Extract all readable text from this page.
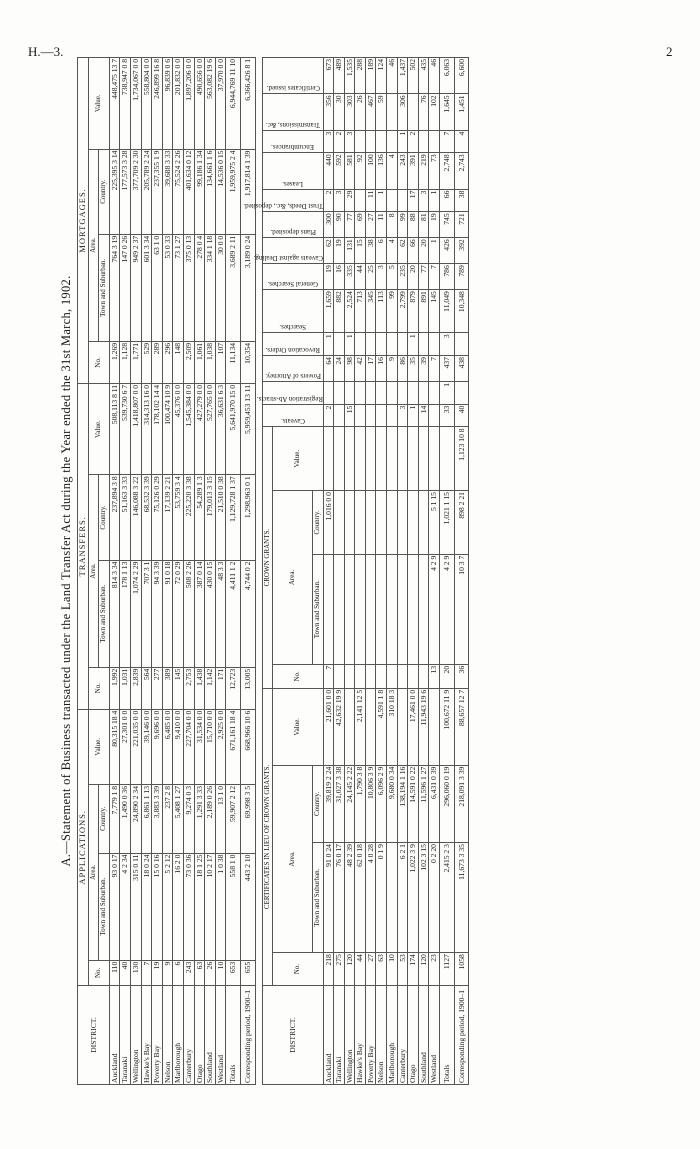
H.—3.	2
A.—Statement of Business transacted under the Land Transfer Act during the Year ended the 31st March, 1902.
DISTRICT.	APPLICATIONS.				TRANSFERS.				MORTGAGES.			
	No.	Area.		Value.	No.	Area.		Value.	No.	Area.		Value.
		Town and Suburban.	Country.			Town and Suburban.	Country.			Town and Suburban.	Country.	
Auckland	110	93 0 17	7,779 1 8	80,315 18 4	1,992	814 3 34	237,894 3 8	508,113 8 11	1,269	764 3 19	225,395 3 14	448,475 13 7
Taranaki	40	4 2 34	1,490 0 36	27,301 0 0	1,031	178 1 13	51,163 3 33	539,730 6 7	1,128	147 0 26	177,573 3 28	738,947 0 8
Wellington	130	315 0 11	24,890 2 34	221,035 0 0	2,839	1,074 2 29	146,088 3 22	1,418,807 0 0	1,771	949 2 37	377,709 2 30	1,734,067 0 0
Hawke's Bay	7	18 0 24	6,861 1 13	39,146 0 0	564	707 3 1	68,532 3 39	314,313 16 0	529	601 3 34	205,789 2 24	558,804 0 0
Poverty Bay	19	15 0 16	3,883 3 39	9,696 0 0	277	94 3 39	75,126 0 29	178,102 14 4	289	63 1 0	237,355 1 9	246,899 16 8
Nelson	9	5 2 12	237 2 8	6,485 0 0	389	91 0 18	17,139 2 21	100,474 10 9	296	53 0 33	39,688 3 33	96,839 0 6
Marlborough	6	16 2 0	5,408 1 27	9,410 0 0	145	72 0 29	53,759 3 4	45,376 0 0	148	73 1 27	75,524 2 26	201,832 0 0
Canterbury	243	73 0 36	9,274 0 3	227,704 0 0	2,753	508 2 26	225,220 3 38	1,545,384 0 0	2,509	375 0 13	401,634 0 12	1,897,206 0 0
Otago	63	18 1 25	1,291 3 33	31,534 0 0	1,438	387 0 14	54,289 1 3	427,279 0 0	1,061	278 0 4	99,186 1 34	490,656 0 0
Southland	26	10 2 17	2,189 0 26	15,710 0 0	1,142	430 0 15	179,013 3 15	527,765 0 0	1,038	334 1 18	134,661 1 6	563,082 19 6
Westland	10	1 0 38	13 1 0	2,925 0 0	171	48 3 3	21,510 0 38	36,631 6 3	107	30 0 0	14,536 0 15	37,970 0 0
Totals	653	558 1 0	59,907 2 12	671,161 18 4	12,723	4,411 1 2	1,129,728 1 37	5,641,970 15 0	11,134	3,689 2 11	1,959,975 2 4	6,944,769 11 10
Corresponding period, 1900–1	655	443 2 10	69,998 3 5	668,966 10 6	13,005	4,744 0 2	1,298,963 0 1	5,959,453 13 11	10,354	3,189 0 24	1,917,814 1 39	6,366,426 8 1
DISTRICT.	CERTIFICATES IN LIEU OF CROWN GRANTS.				CROWN GRANTS.				Caveats.	Registration Ab-stracts.	Powers of Attorney.	Revocation Orders.	Searches.	General Searches.	Caveats against Dealing.	Plans deposited.	Trust Deeds, &c., deposited.	Leases.	Encumbrances.	Transmissions, &c.	Certificates issued.

	No.	Area.		Value.	No.	Area.		Value.													
		Town and Suburban.	Country.			Town and Suburban.	Country.														
Auckland	218	91 0 24	39,819 2 24	21,601 0 0	7		1,016 0 0		2		64	1	1,659	19	62	300	2	440	3	356	673
Taranaki	275	76 0 17	31,027 3 38	42,632 19 9							24		882	16	19	90	3	592	2	30	489
Wellington	120	48 2 39	24,145 2 22						15		98	1	2,524	335	131	77	29	581	3	303	1,535
Hawke's Bay	44	62 0 18	1,790 3 8	2,141 12 5							42		713	44	15	69		92		26	288
Poverty Bay	27	4 0 28	10,806 3 9								17		345	25	38	27	11	100		467	189
Nelson	63	0 1 9	6,096 2 9	4,591 1 8							16		113	3	6	11	1	136		59	124
Marlborough	10		9,680 0 34	310 18 3							9		99	5	4	8		4			46
Canterbury	53	6 2 1	138,194 1 16						3		86		2,799	235	62	99		243	1	306	1,437
Otago	174	1,022 3 9	14,591 0 22	17,461 0 0					1		35	1	879	20	66	88	17	391	2		502
Southland	120	102 3 15	11,596 1 27	11,943 19 6					14		39		891	77	20	81	3	219		76	435
Westland	23	0 2 20	6,431 0 39		13	4 2 9	5 1 15				7		145	7	1	19	1	73		102	46
Totals	1127	2,415 2 3	296,060 0 19	100,672 11 9	20	4 2 9	1,021 1 15		33	1	437	3	11,049	786	426	745	66	2,748	7	1,645	6,063
Corresponding period, 1900–1	1058	11,673 3 35	218,091 3 39	88,657 12 7	36	10 3 7	898 2 21	1,123 10 8	40		438		10,348	789	392	721	38	2,743	4	1,451	6,600
